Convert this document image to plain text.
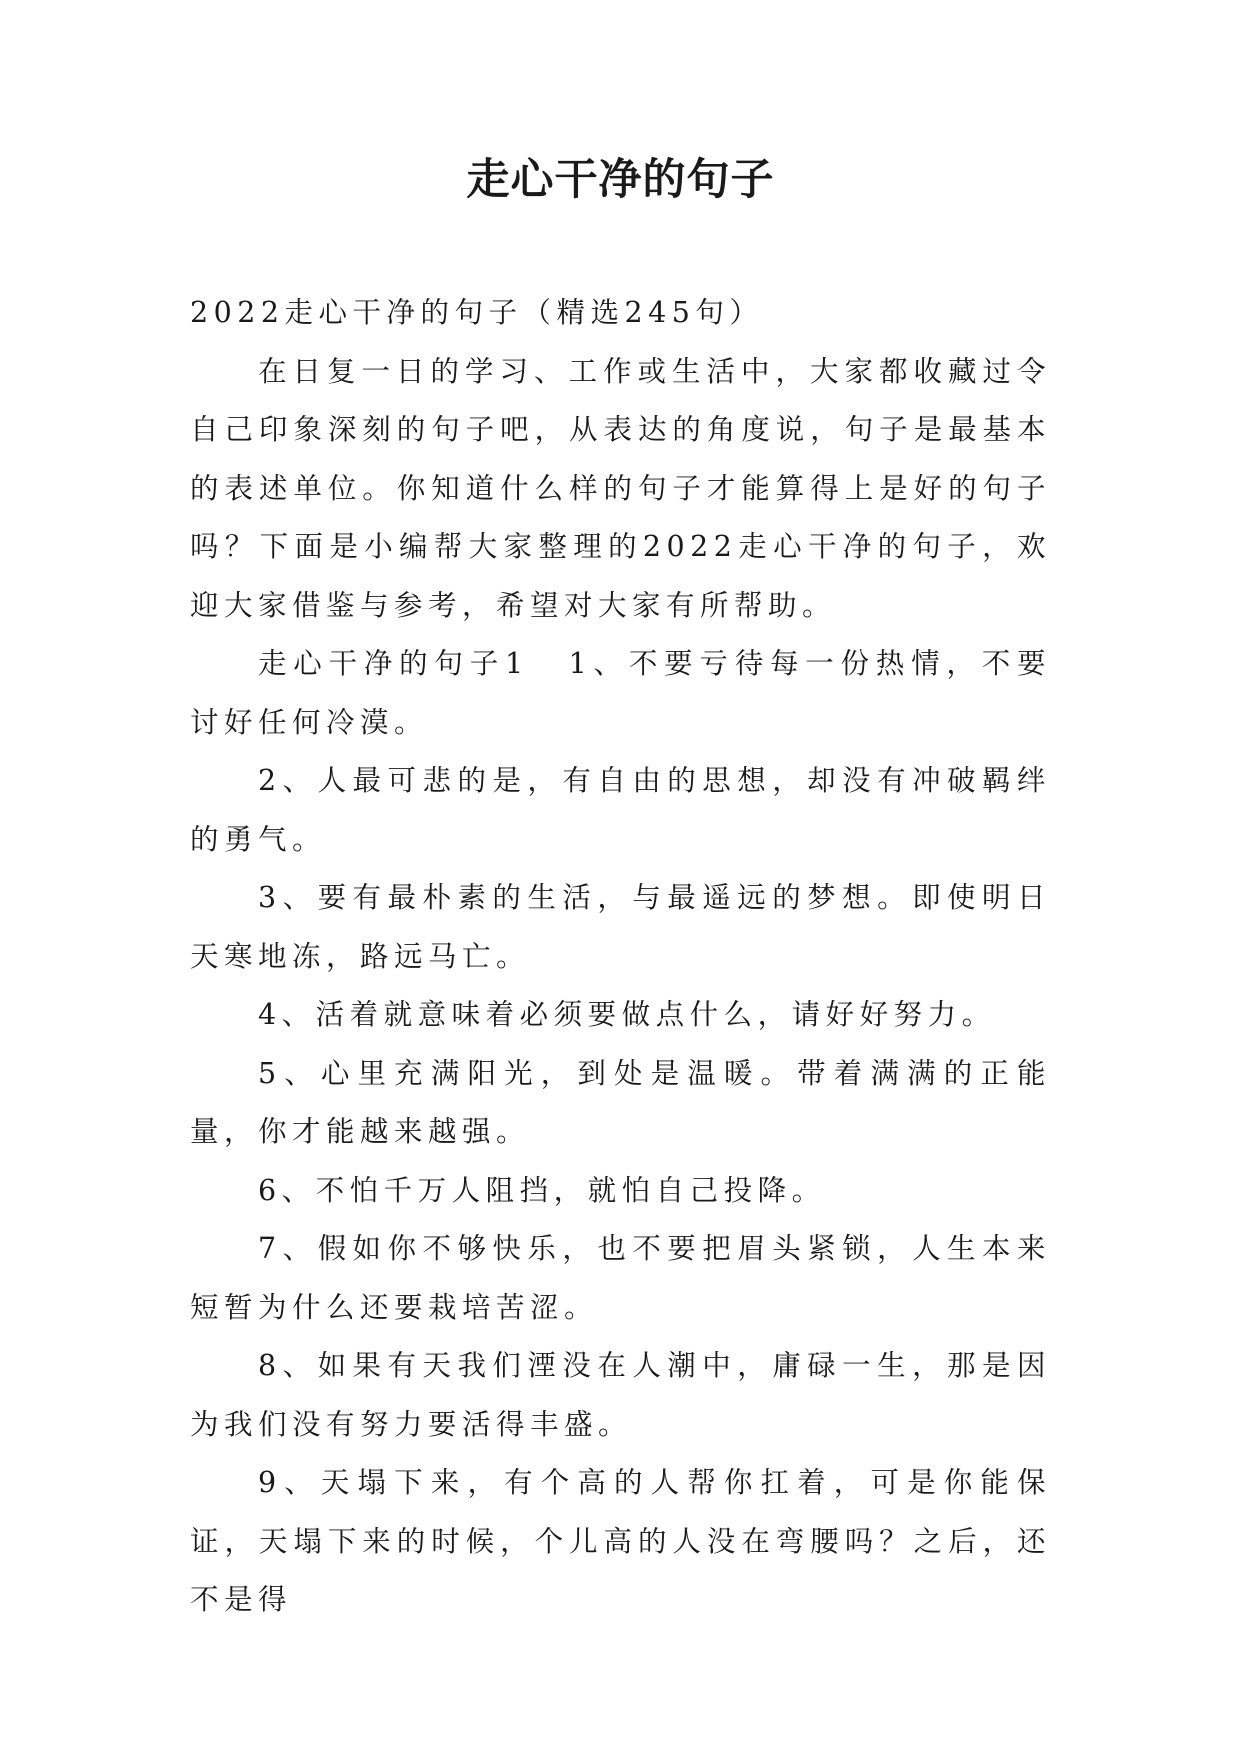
走心干净的句子

2022走心干净的句子（精选245句）

在日复一日的学习、工作或生活中，大家都收藏过令自己印象深刻的句子吧，从表达的角度说，句子是最基本的表述单位。你知道什么样的句子才能算得上是好的句子吗？下面是小编帮大家整理的2022走心干净的句子，欢迎大家借鉴与参考，希望对大家有所帮助。

走心干净的句子1 1、不要亏待每一份热情，不要讨好任何冷漠。

2、人最可悲的是，有自由的思想，却没有冲破羁绊的勇气。

3、要有最朴素的生活，与最遥远的梦想。即使明日天寒地冻，路远马亡。

4、活着就意味着必须要做点什么，请好好努力。

5、心里充满阳光，到处是温暖。带着满满的正能量，你才能越来越强。

6、不怕千万人阻挡，就怕自己投降。

7、假如你不够快乐，也不要把眉头紧锁，人生本来短暂为什么还要栽培苦涩。

8、如果有天我们湮没在人潮中，庸碌一生，那是因为我们没有努力要活得丰盛。

9、天塌下来，有个高的人帮你扛着，可是你能保证，天塌下来的时候，个儿高的人没在弯腰吗？之后，还不是得
